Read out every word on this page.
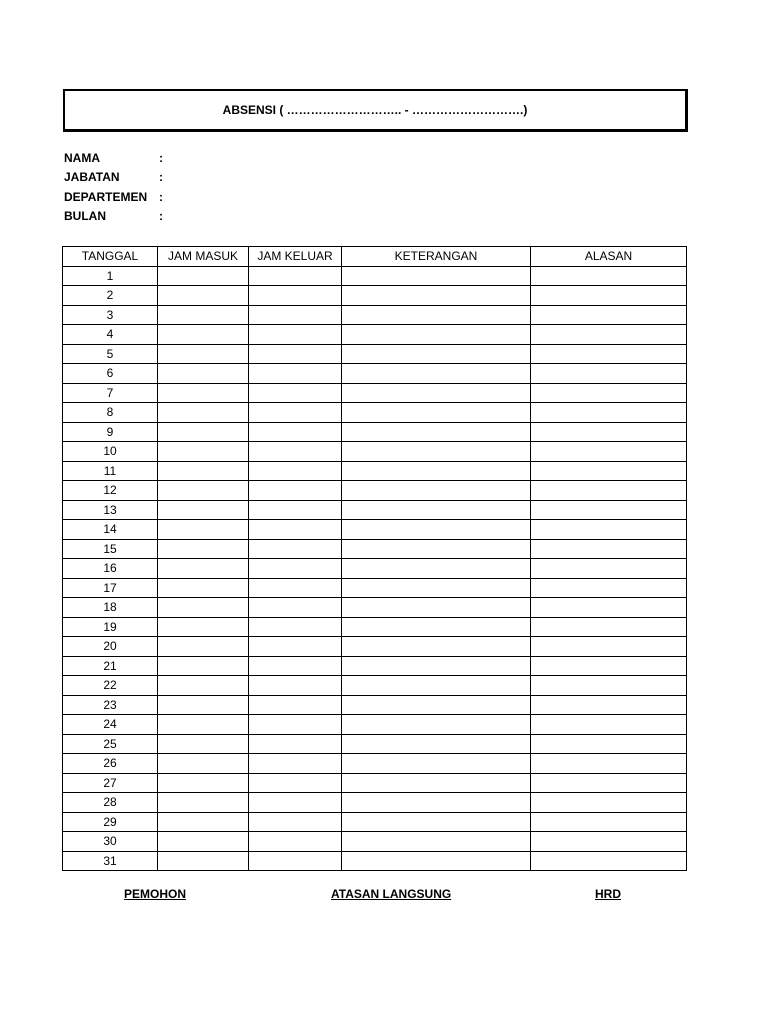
ABSENSI ( ……………………….. - ……………………….)
NAMA	:
JABATAN	:
DEPARTEMEN :
BULAN	:
TANGGAL	JAM MASUK	JAM KELUAR	KETERANGAN	ALASAN
1				
2				
3				
4				
5				
6				
7				
8				
9				
10				
11				
12				
13				
14				
15				
16				
17				
18				
19				
20				
21				
22				
23				
24				
25				
26				
27				
28				
29				
30				
31				
PEMOHON	ATASAN LANGSUNG	HRD
